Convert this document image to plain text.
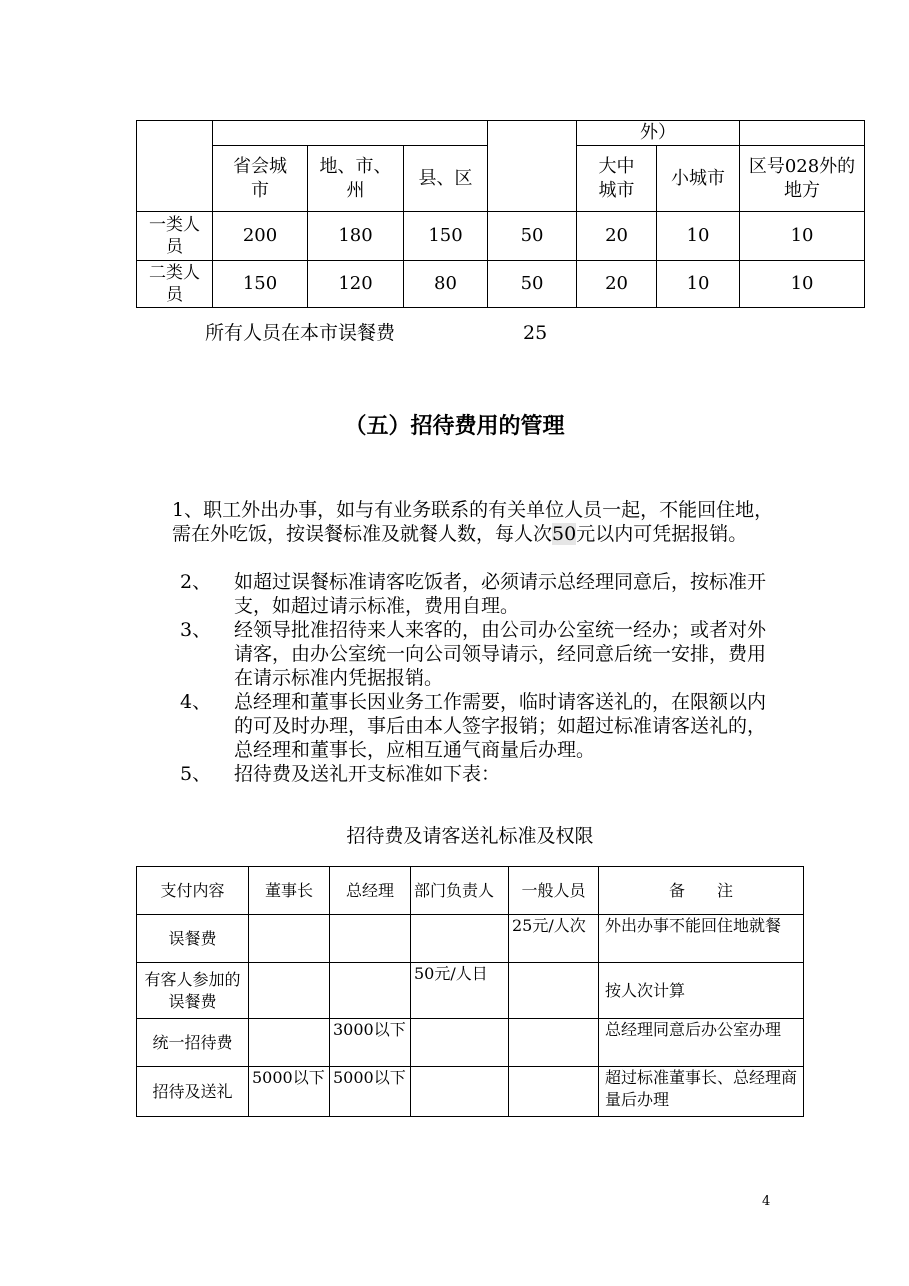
					外）		
	省会城市	地、市、州	县、区		大中城市	小城市	区号028外的地方
一类人员	200	180	150	50	20	10	10
二类人员	150	120	80	50	20	10	10
所有人员在本市误餐费	25
（五）招待费用的管理
1、职工外出办事，如与有业务联系的有关单位人员一起，不能回住地，需在外吃饭，按误餐标准及就餐人数，每人次50元以内可凭据报销。
2、 如超过误餐标准请客吃饭者，必须请示总经理同意后，按标准开支，如超过请示标准，费用自理。
3、 经领导批准招待来人来客的，由公司办公室统一经办；或者对外请客，由办公室统一向公司领导请示，经同意后统一安排，费用在请示标准内凭据报销。
4、 总经理和董事长因业务工作需要，临时请客送礼的，在限额以内的可及时办理，事后由本人签字报销；如超过标准请客送礼的，总经理和董事长，应相互通气商量后办理。
5、 招待费及送礼开支标准如下表：
招待费及请客送礼标准及权限
支付内容	董事长	总经理	部门负责人	一般人员	备　　注
误餐费				25元/人次	外出办事不能回住地就餐
有客人参加的误餐费			50元/人日		按人次计算
统一招待费		3000以下			总经理同意后办公室办理
招待及送礼	5000以下	5000以下			超过标准董事长、总经理商量后办理
4
